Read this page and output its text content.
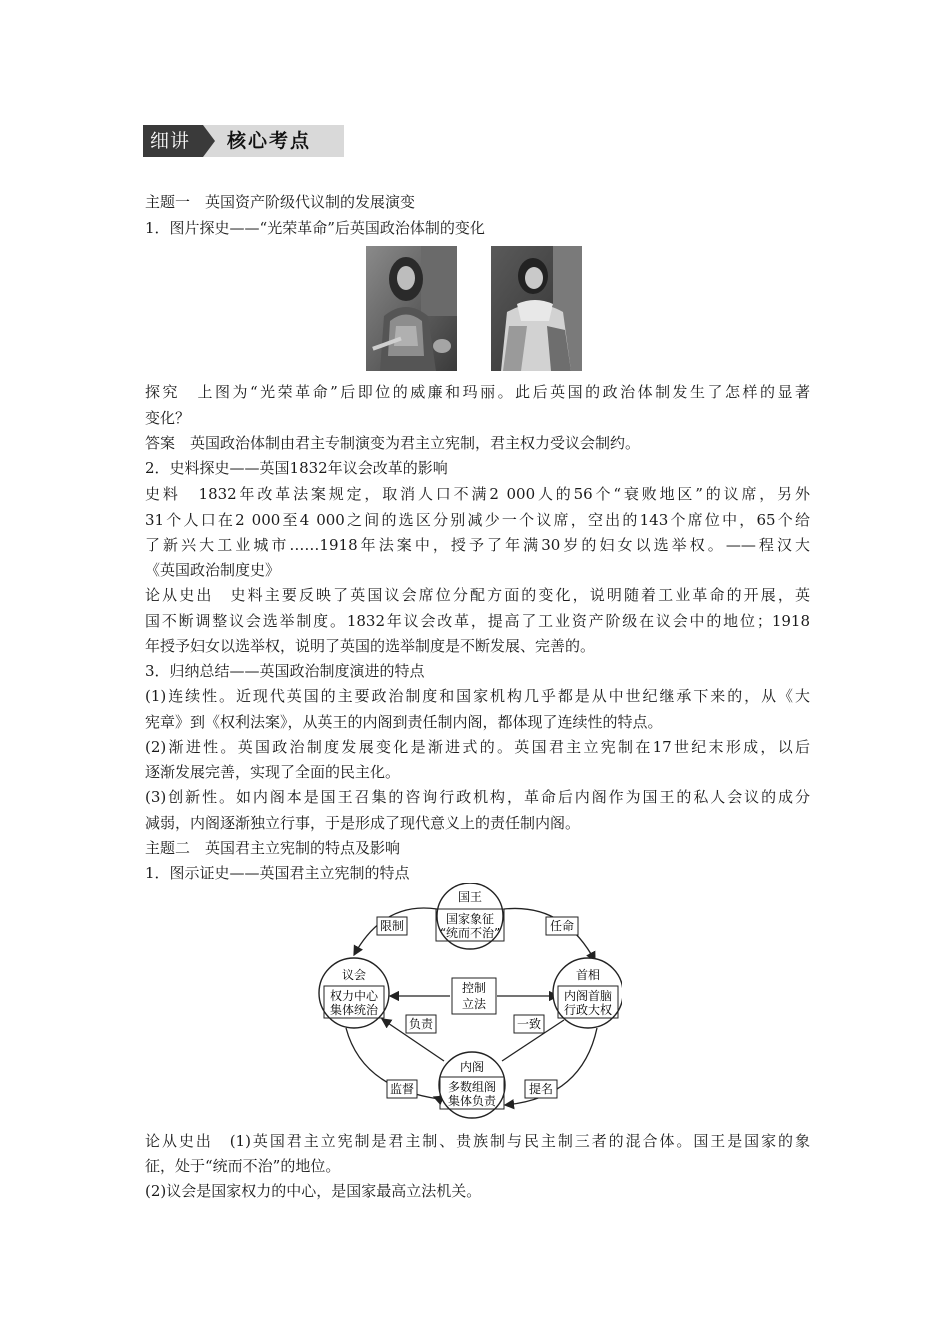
细讲	核心考点
主题一　英国资产阶级代议制的发展演变
1．图片探史——“光荣革命”后英国政治体制的变化
探究　上图为“光荣革命”后即位的威廉和玛丽。此后英国的政治体制发生了怎样的显著
变化？
答案　英国政治体制由君主专制演变为君主立宪制，君主权力受议会制约。
2．史料探史——英国1832年议会改革的影响
史料　1832年改革法案规定，取消人口不满2 000人的56个“衰败地区”的议席，另外
31个人口在2 000至4 000之间的选区分别减少一个议席，空出的143个席位中，65个给
了新兴大工业城市……1918年法案中，授予了年满30岁的妇女以选举权。——程汉大
《英国政治制度史》
论从史出　史料主要反映了英国议会席位分配方面的变化，说明随着工业革命的开展，英
国不断调整议会选举制度。1832年议会改革，提高了工业资产阶级在议会中的地位；1918
年授予妇女以选举权，说明了英国的选举制度是不断发展、完善的。
3．归纳总结——英国政治制度演进的特点
(1)连续性。近现代英国的主要政治制度和国家机构几乎都是从中世纪继承下来的，从《大
宪章》到《权利法案》，从英王的内阁到责任制内阁，都体现了连续性的特点。
(2)渐进性。英国政治制度发展变化是渐进式的。英国君主立宪制在17世纪末形成，以后
逐渐发展完善，实现了全面的民主化。
(3)创新性。如内阁本是国王召集的咨询行政机构，革命后内阁作为国王的私人会议的成分
减弱，内阁逐渐独立行事，于是形成了现代意义上的责任制内阁。
主题二　英国君主立宪制的特点及影响
1．图示证史——英国君主立宪制的特点
国王
国家象征
“统而不治”
议会
权力中心
集体统治
首相
内阁首脑
行政大权
内阁
多数组阁
集体负责
控制
立法
限制	任命
负责	一致
监督	提名
论从史出　(1)英国君主立宪制是君主制、贵族制与民主制三者的混合体。国王是国家的象
征，处于“统而不治”的地位。
(2)议会是国家权力的中心，是国家最高立法机关。
